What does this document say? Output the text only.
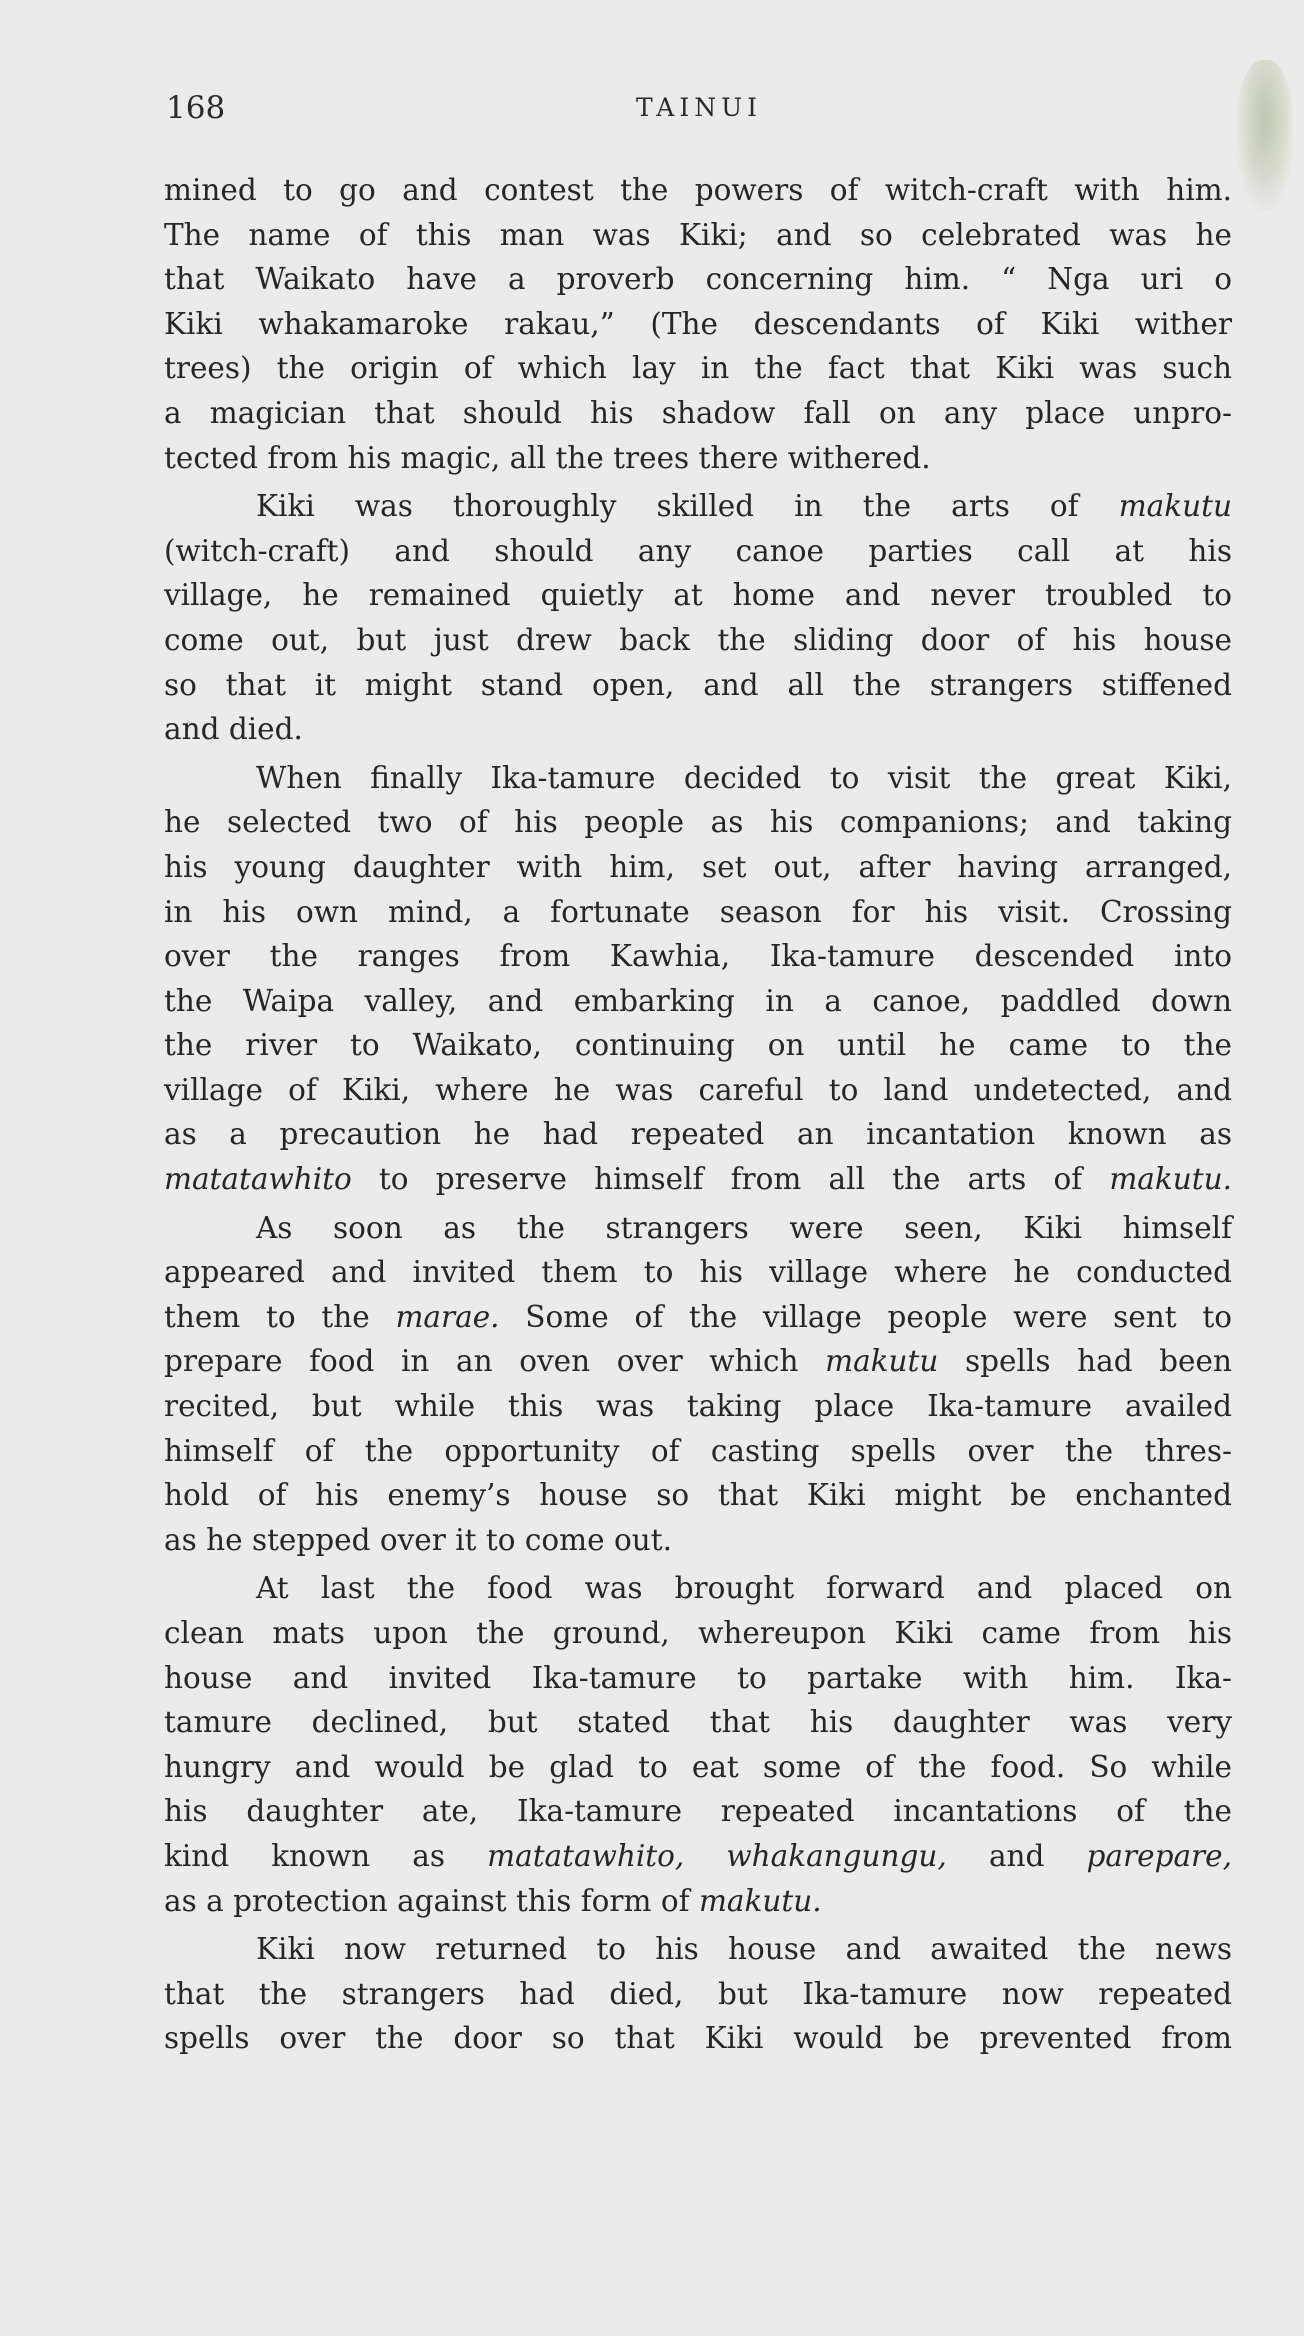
168	TAINUI
mined to go and contest the powers of witch-craft with him.
The name of this man was Kiki; and so celebrated was he
that Waikato have a proverb concerning him. “ Nga uri o
Kiki whakamaroke rakau,” (The descendants of Kiki wither
trees) the origin of which lay in the fact that Kiki was such
a magician that should his shadow fall on any place unpro-
tected from his magic, all the trees there withered.
Kiki was thoroughly skilled in the arts of makutu
(witch-craft) and should any canoe parties call at his
village, he remained quietly at home and never troubled to
come out, but just drew back the sliding door of his house
so that it might stand open, and all the strangers stiffened
and died.
When finally Ika-tamure decided to visit the great Kiki,
he selected two of his people as his companions; and taking
his young daughter with him, set out, after having arranged,
in his own mind, a fortunate season for his visit. Crossing
over the ranges from Kawhia, Ika-tamure descended into
the Waipa valley, and embarking in a canoe, paddled down
the river to Waikato, continuing on until he came to the
village of Kiki, where he was careful to land undetected, and
as a precaution he had repeated an incantation known as
matatawhito to preserve himself from all the arts of makutu.
As soon as the strangers were seen, Kiki himself
appeared and invited them to his village where he conducted
them to the marae. Some of the village people were sent to
prepare food in an oven over which makutu spells had been
recited, but while this was taking place Ika-tamure availed
himself of the opportunity of casting spells over the thres-
hold of his enemy’s house so that Kiki might be enchanted
as he stepped over it to come out.
At last the food was brought forward and placed on
clean mats upon the ground, whereupon Kiki came from his
house and invited Ika-tamure to partake with him. Ika-
tamure declined, but stated that his daughter was very
hungry and would be glad to eat some of the food. So while
his daughter ate, Ika-tamure repeated incantations of the
kind known as matatawhito, whakangungu, and parepare,
as a protection against this form of makutu.
Kiki now returned to his house and awaited the news
that the strangers had died, but Ika-tamure now repeated
spells over the door so that Kiki would be prevented from
